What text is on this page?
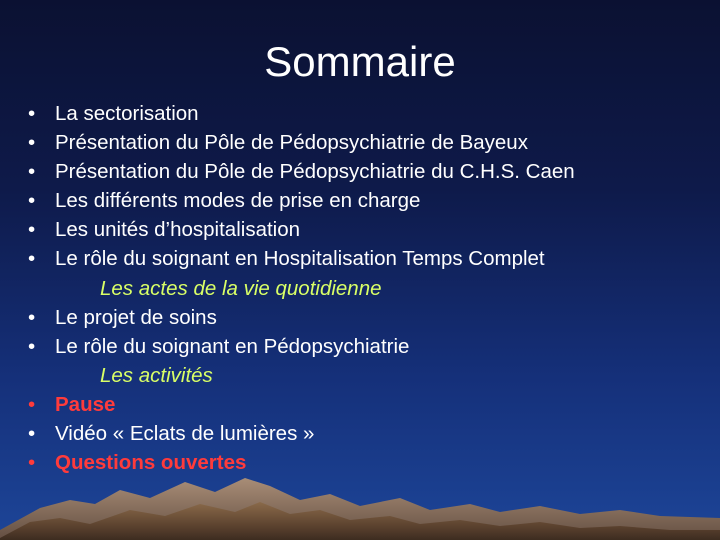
Sommaire
• La sectorisation
• Présentation du Pôle de Pédopsychiatrie de Bayeux
• Présentation du Pôle de Pédopsychiatrie du C.H.S. Caen
• Les différents modes de prise en charge
• Les unités d’hospitalisation
• Le rôle du soignant en Hospitalisation Temps Complet
Les actes de la vie quotidienne
• Le projet de soins
• Le rôle du soignant en Pédopsychiatrie
Les activités
• Pause
• Vidéo « Eclats de lumières »
• Questions ouvertes
